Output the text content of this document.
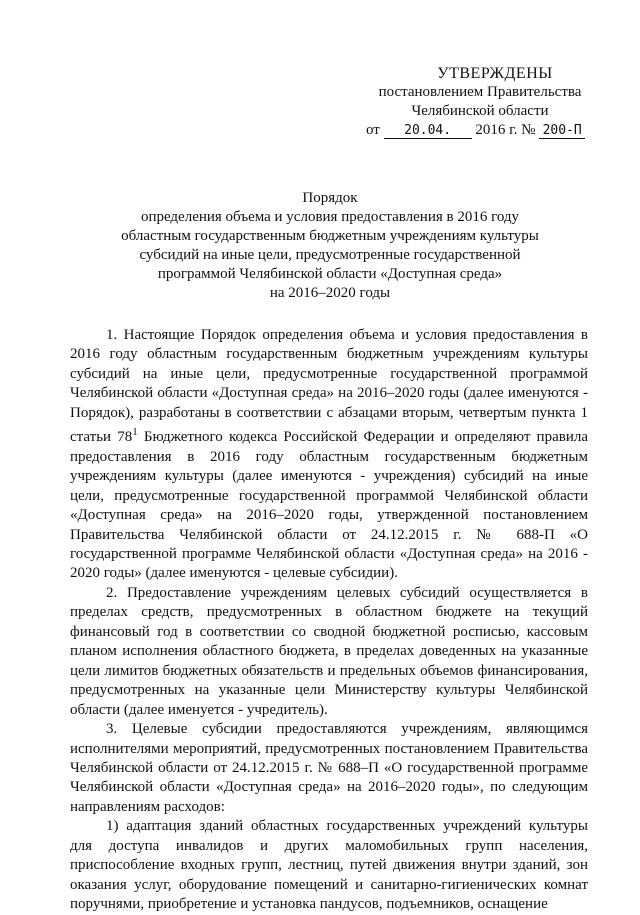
УТВЕРЖДЕНЫ
постановлением Правительства
Челябинской области
от 20.04. 2016 г. № 200-П
Порядок
определения объема и условия предоставления в 2016 году
областным государственным бюджетным учреждениям культуры
субсидий на иные цели, предусмотренные государственной
программой Челябинской области «Доступная среда»
на 2016–2020 годы

1. Настоящие Порядок определения объема и условия предоставления в 2016 году областным государственным бюджетным учреждениям культуры субсидий на иные цели, предусмотренные государственной программой Челябинской области «Доступная среда» на 2016–2020 годы (далее именуются - Порядок), разработаны в соответствии с абзацами вторым, четвертым пункта 1 статьи $78^1$ Бюджетного кодекса Российской Федерации и определяют правила предоставления в 2016 году областным государственным бюджетным учреждениям культуры (далее именуются - учреждения) субсидий на иные цели, предусмотренные государственной программой Челябинской области «Доступная среда» на 2016–2020 годы, утвержденной постановлением Правительства Челябинской области от 24.12.2015 г. № 688-П «О государственной программе Челябинской области «Доступная среда» на 2016 - 2020 годы» (далее именуются - целевые субсидии).

2. Предоставление учреждениям целевых субсидий осуществляется в пределах средств, предусмотренных в областном бюджете на текущий финансовый год в соответствии со сводной бюджетной росписью, кассовым планом исполнения областного бюджета, в пределах доведенных на указанные цели лимитов бюджетных обязательств и предельных объемов финансирования, предусмотренных на указанные цели Министерству культуры Челябинской области (далее именуется - учредитель).

3. Целевые субсидии предоставляются учреждениям, являющимся исполнителями мероприятий, предусмотренных постановлением Правительства Челябинской области от 24.12.2015 г. № 688–П «О государственной программе Челябинской области «Доступная среда» на 2016–2020 годы», по следующим направлениям расходов:

1) адаптация зданий областных государственных учреждений культуры для доступа инвалидов и других маломобильных групп населения, приспособление входных групп, лестниц, путей движения внутри зданий, зон оказания услуг, оборудование помещений и санитарно-гигиенических комнат поручнями, приобретение и установка пандусов, подъемников, оснащение
